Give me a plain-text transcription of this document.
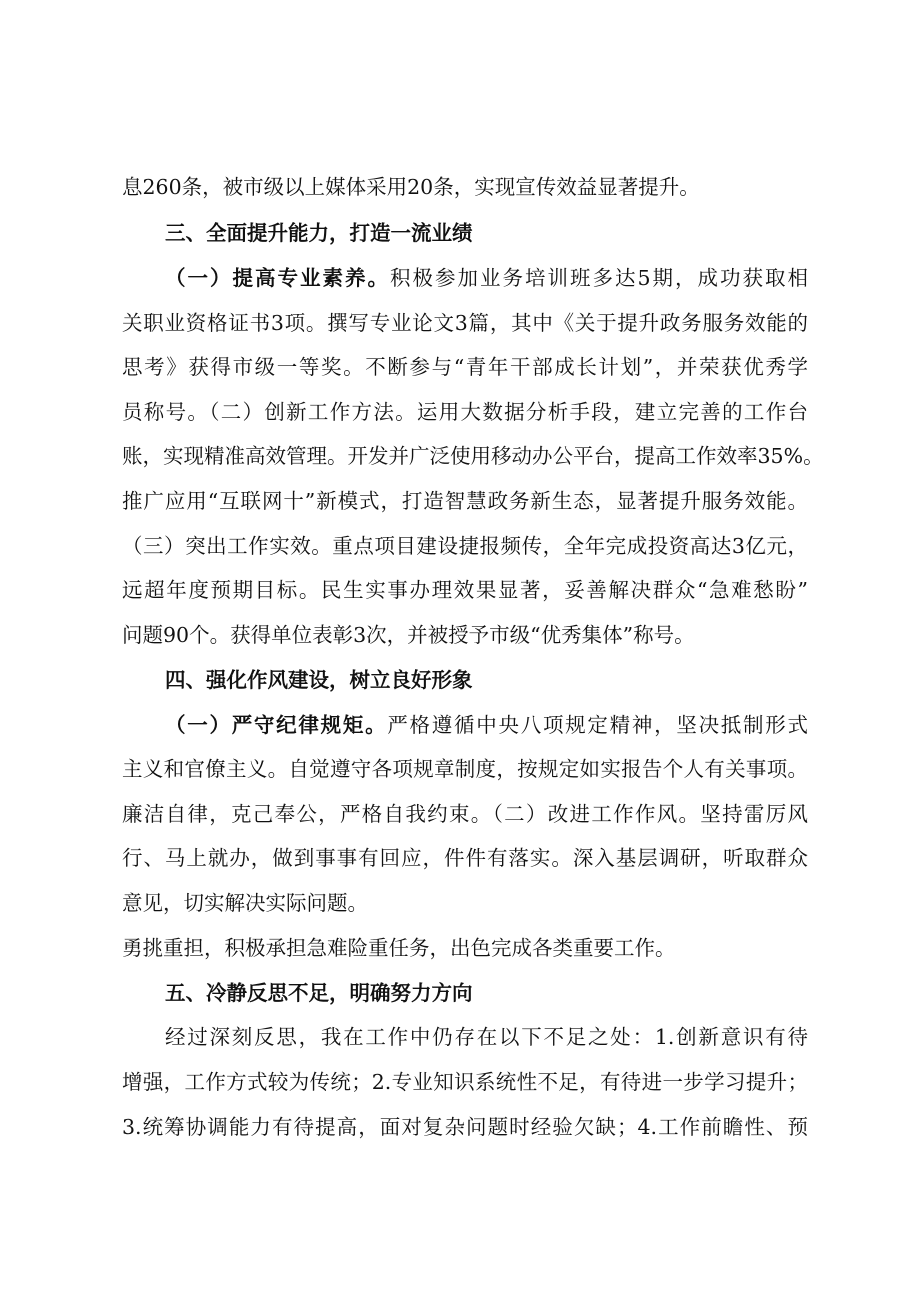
息260条，被市级以上媒体采用20条，实现宣传效益显著提升。
三、全面提升能力，打造一流业绩
（一）提高专业素养。积极参加业务培训班多达5期，成功获取相
关职业资格证书3项。撰写专业论文3篇，其中《关于提升政务服务效能的
思考》获得市级一等奖。不断参与“青年干部成长计划”，并荣获优秀学
员称号。（二）创新工作方法。运用大数据分析手段，建立完善的工作台
账，实现精准高效管理。开发并广泛使用移动办公平台，提高工作效率35%。
推广应用“互联网十”新模式，打造智慧政务新生态，显著提升服务效能。
（三）突出工作实效。重点项目建设捷报频传，全年完成投资高达3亿元，
远超年度预期目标。民生实事办理效果显著，妥善解决群众“急难愁盼”
问题90个。获得单位表彰3次，并被授予市级“优秀集体”称号。
四、强化作风建设，树立良好形象
（一）严守纪律规矩。严格遵循中央八项规定精神，坚决抵制形式
主义和官僚主义。自觉遵守各项规章制度，按规定如实报告个人有关事项。
廉洁自律，克己奉公，严格自我约束。（二）改进工作作风。坚持雷厉风
行、马上就办，做到事事有回应，件件有落实。深入基层调研，听取群众
意见，切实解决实际问题。
勇挑重担，积极承担急难险重任务，出色完成各类重要工作。
五、冷静反思不足，明确努力方向
经过深刻反思，我在工作中仍存在以下不足之处：1.创新意识有待
增强，工作方式较为传统；2.专业知识系统性不足，有待进一步学习提升；
3.统筹协调能力有待提高，面对复杂问题时经验欠缺；4.工作前瞻性、预
